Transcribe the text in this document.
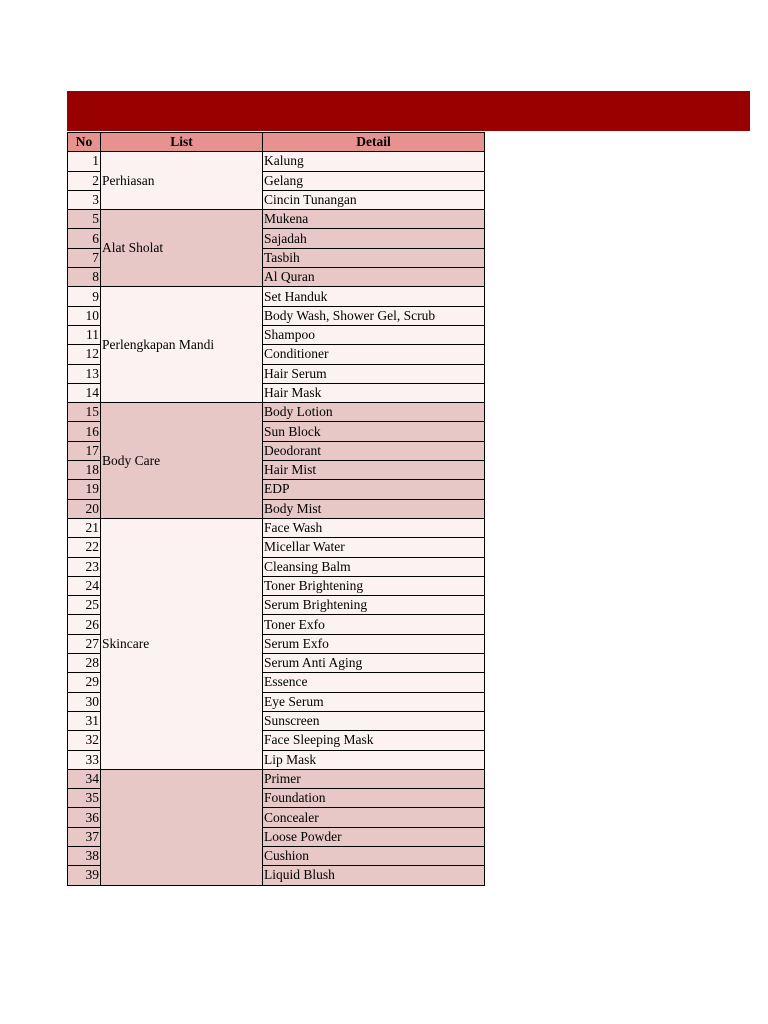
No	List	Detail
1	Perhiasan	Kalung
2		Gelang
3		Cincin Tunangan
5	Alat Sholat	Mukena
6		Sajadah
7		Tasbih
8		Al Quran
9	Perlengkapan Mandi	Set Handuk
10		Body Wash, Shower Gel, Scrub
11		Shampoo
12		Conditioner
13		Hair Serum
14		Hair Mask
15	Body Care	Body Lotion
16		Sun Block
17		Deodorant
18		Hair Mist
19		EDP
20		Body Mist
21	Skincare	Face Wash
22		Micellar Water
23		Cleansing Balm
24		Toner Brightening
25		Serum Brightening
26		Toner Exfo
27		Serum Exfo
28		Serum Anti Aging
29		Essence
30		Eye Serum
31		Sunscreen
32		Face Sleeping Mask
33		Lip Mask
34		Primer
35		Foundation
36		Concealer
37		Loose Powder
38		Cushion
39		Liquid Blush
